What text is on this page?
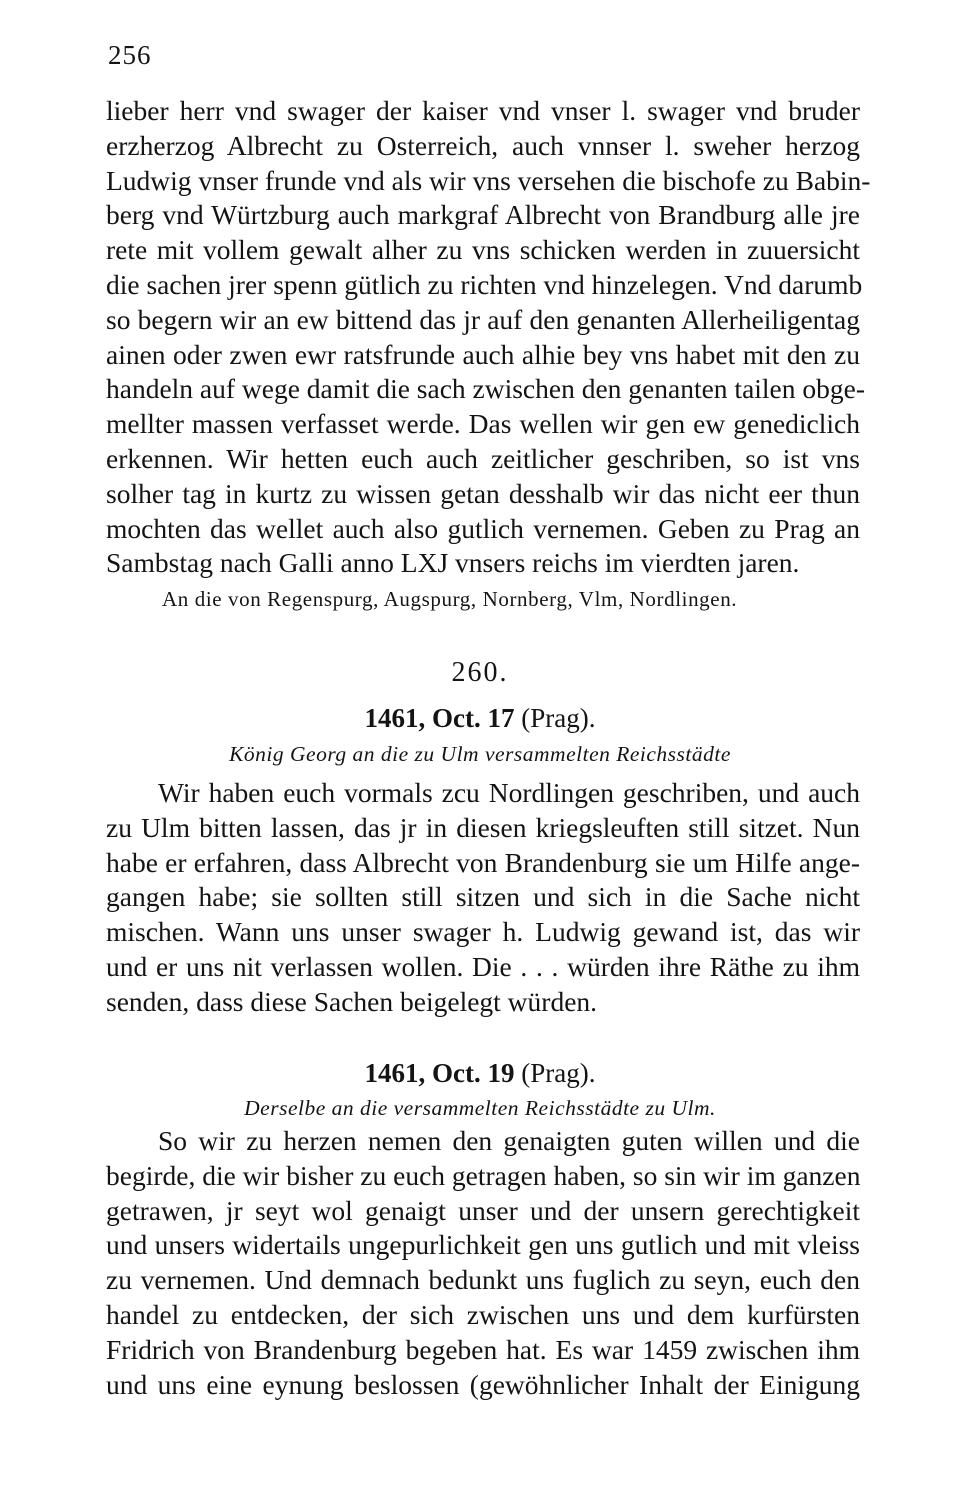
256
lieber herr vnd swager der kaiser vnd vnser l. swager vnd bruder
erzherzog Albrecht zu Osterreich, auch vnnser l. sweher herzog
Ludwig vnser frunde vnd als wir vns versehen die bischofe zu Babin-
berg vnd Würtzburg auch markgraf Albrecht von Brandburg alle jre
rete mit vollem gewalt alher zu vns schicken werden in zuuersicht
die sachen jrer spenn gütlich zu richten vnd hinzelegen. Vnd darumb
so begern wir an ew bittend das jr auf den genanten Allerheiligentag
ainen oder zwen ewr ratsfrunde auch alhie bey vns habet mit den zu
handeln auf wege damit die sach zwischen den genanten tailen obge-
mellter massen verfasset werde. Das wellen wir gen ew genediclich
erkennen. Wir hetten euch auch zeitlicher geschriben, so ist vns
solher tag in kurtz zu wissen getan desshalb wir das nicht eer thun
mochten das wellet auch also gutlich vernemen. Geben zu Prag an
Sambstag nach Galli anno LXJ vnsers reichs im vierdten jaren.
An die von Regenspurg, Augspurg, Nornberg, Vlm, Nordlingen.
260.
1461, Oct. 17 (Prag).
König Georg an die zu Ulm versammelten Reichsstädte
Wir haben euch vormals zcu Nordlingen geschriben, und auch
zu Ulm bitten lassen, das jr in diesen kriegsleuften still sitzet. Nun
habe er erfahren, dass Albrecht von Brandenburg sie um Hilfe ange-
gangen habe; sie sollten still sitzen und sich in die Sache nicht
mischen. Wann uns unser swager h. Ludwig gewand ist, das wir
und er uns nit verlassen wollen. Die . . . würden ihre Räthe zu ihm
senden, dass diese Sachen beigelegt würden.
1461, Oct. 19 (Prag).
Derselbe an die versammelten Reichsstädte zu Ulm.
So wir zu herzen nemen den genaigten guten willen und die
begirde, die wir bisher zu euch getragen haben, so sin wir im ganzen
getrawen, jr seyt wol genaigt unser und der unsern gerechtigkeit
und unsers widertails ungepurlichkeit gen uns gutlich und mit vleiss
zu vernemen. Und demnach bedunkt uns fuglich zu seyn, euch den
handel zu entdecken, der sich zwischen uns und dem kurfürsten
Fridrich von Brandenburg begeben hat. Es war 1459 zwischen ihm
und uns eine eynung beslossen (gewöhnlicher Inhalt der Einigung
